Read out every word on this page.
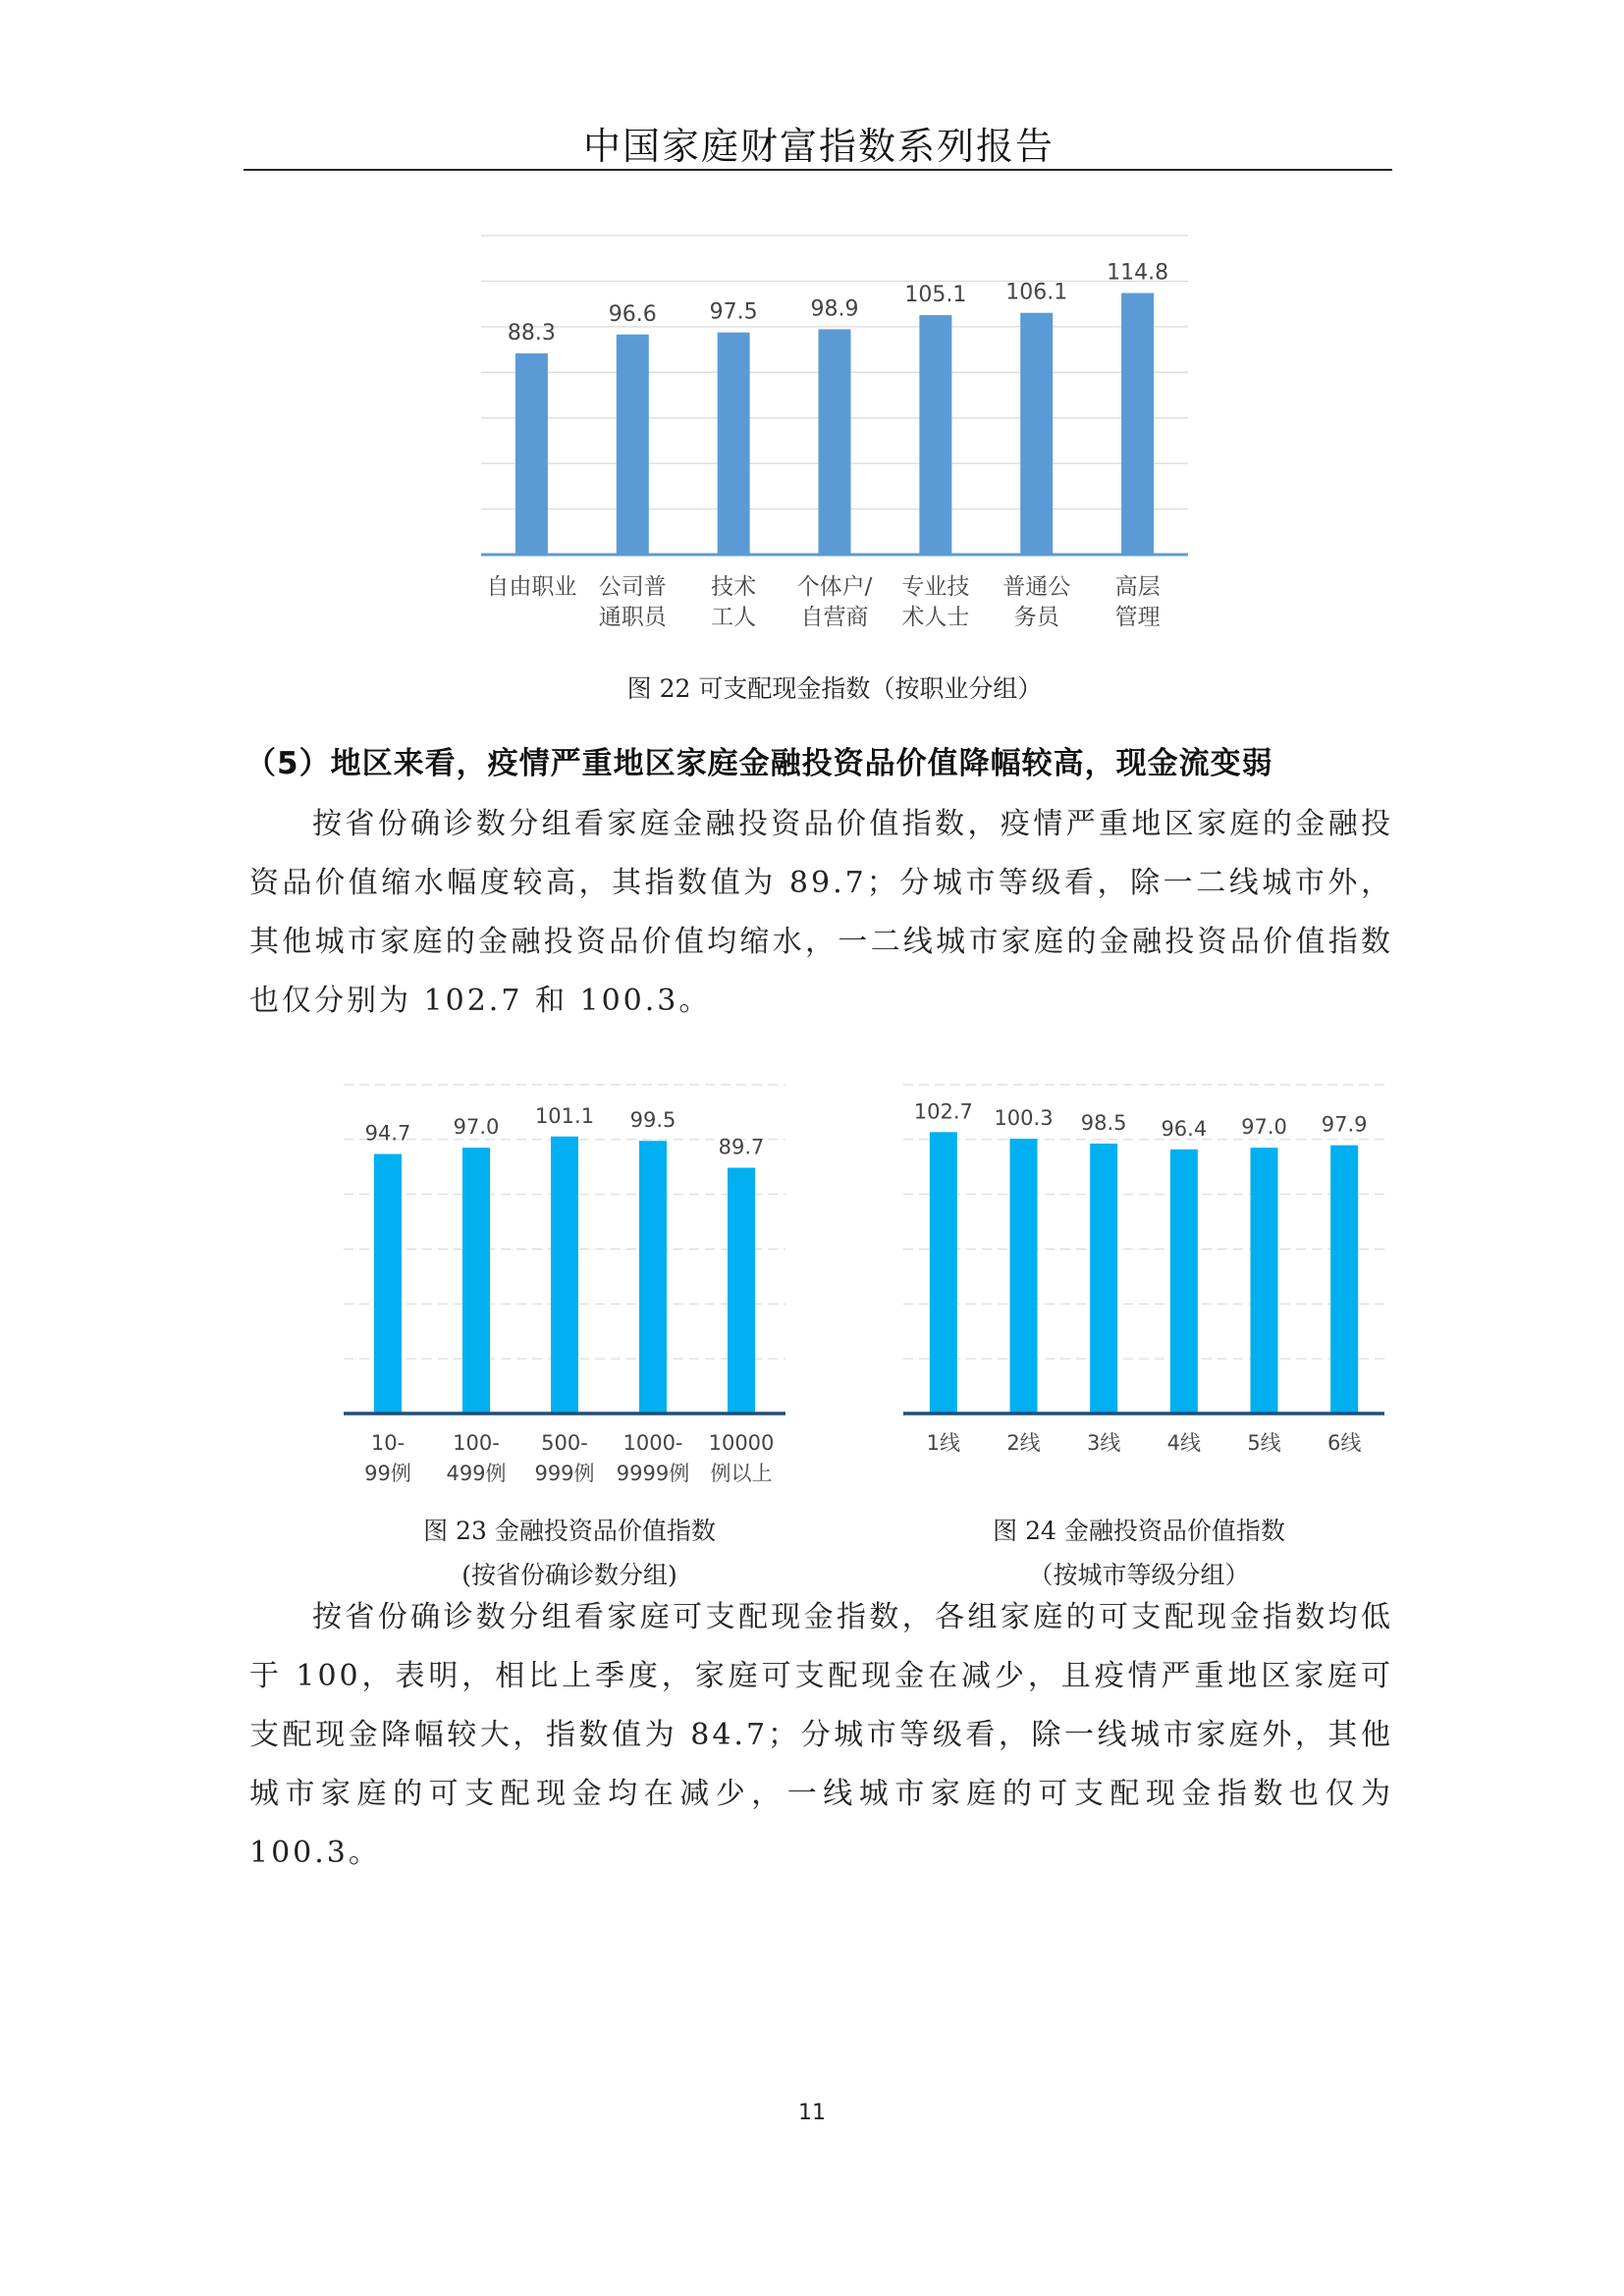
中国家庭财富指数系列报告
88.3
自由职业
96.6
公司普
通职员
97.5
技术
工人
98.9
个体户/
自营商
105.1
专业技
术人士
106.1
普通公
务员
114.8
高层
管理
图 22 可支配现金指数（按职业分组）
（5）地区来看，疫情严重地区家庭金融投资品价值降幅较高，现金流变弱

按省份确诊数分组看家庭金融投资品价值指数，疫情严重地区家庭的金融投资品价值缩水幅度较高，其指数值为 89.7；分城市等级看，除一二线城市外，其他城市家庭的金融投资品价值均缩水，一二线城市家庭的金融投资品价值指数也仅分别为 102.7 和 100.3。

94.7
10-
99例
97.0
100-
499例
101.1
500-
999例
99.5
1000-
9999例
89.7
10000
例以上
图 23 金融投资品价值指数
(按省份确诊数分组)
102.7
1线
100.3
2线
98.5
3线
96.4
4线
97.0
5线
97.9
6线
图 24 金融投资品价值指数
（按城市等级分组）

按省份确诊数分组看家庭可支配现金指数，各组家庭的可支配现金指数均低于 100，表明，相比上季度，家庭可支配现金在减少，且疫情严重地区家庭可支配现金降幅较大，指数值为 84.7；分城市等级看，除一线城市家庭外，其他城市家庭的可支配现金均在减少，一线城市家庭的可支配现金指数也仅为 100.3。

11
